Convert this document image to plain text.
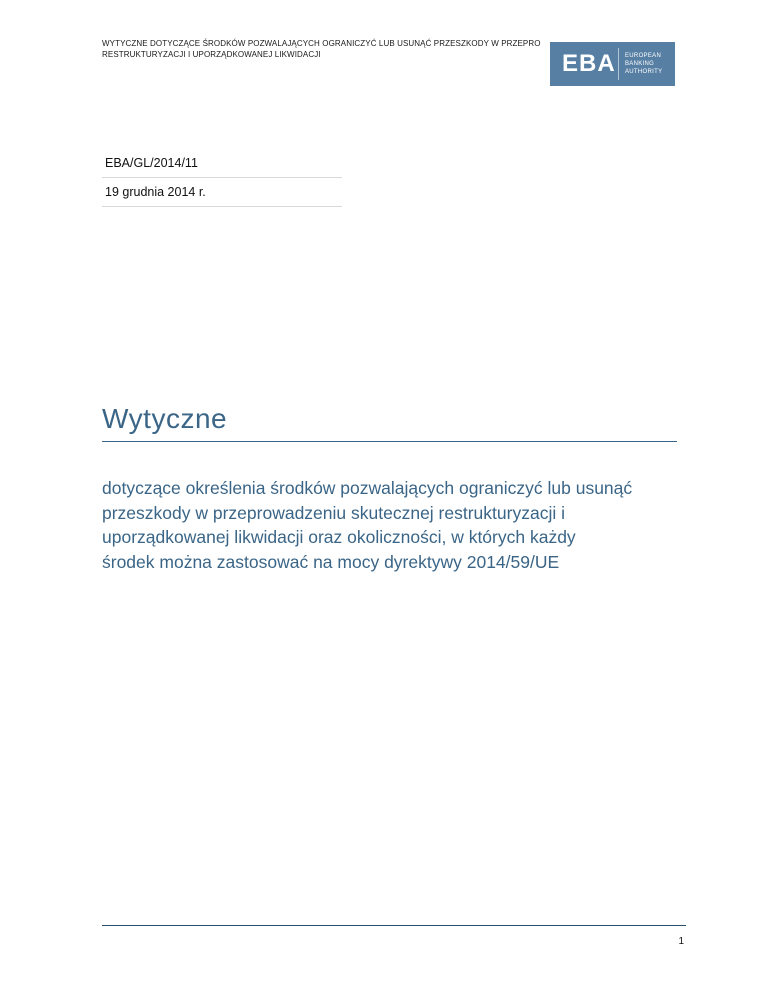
WYTYCZNE DOTYCZĄCE ŚRODKÓW POZWALAJĄCYCH OGRANICZYĆ LUB USUNĄĆ PRZESZKODY W PRZEPRO
RESTRUKTURYZACJI I UPORZĄDKOWANEJ LIKWIDACJI	EBA	EUROPEAN
BANKING
AUTHORITY
EBA/GL/2014/11
19 grudnia 2014 r.
Wytyczne
dotyczące określenia środków pozwalających ograniczyć lub usunąć
przeszkody w przeprowadzeniu skutecznej restrukturyzacji i
uporządkowanej likwidacji oraz okoliczności, w których każdy
środek można zastosować na mocy dyrektywy 2014/59/UE
1
